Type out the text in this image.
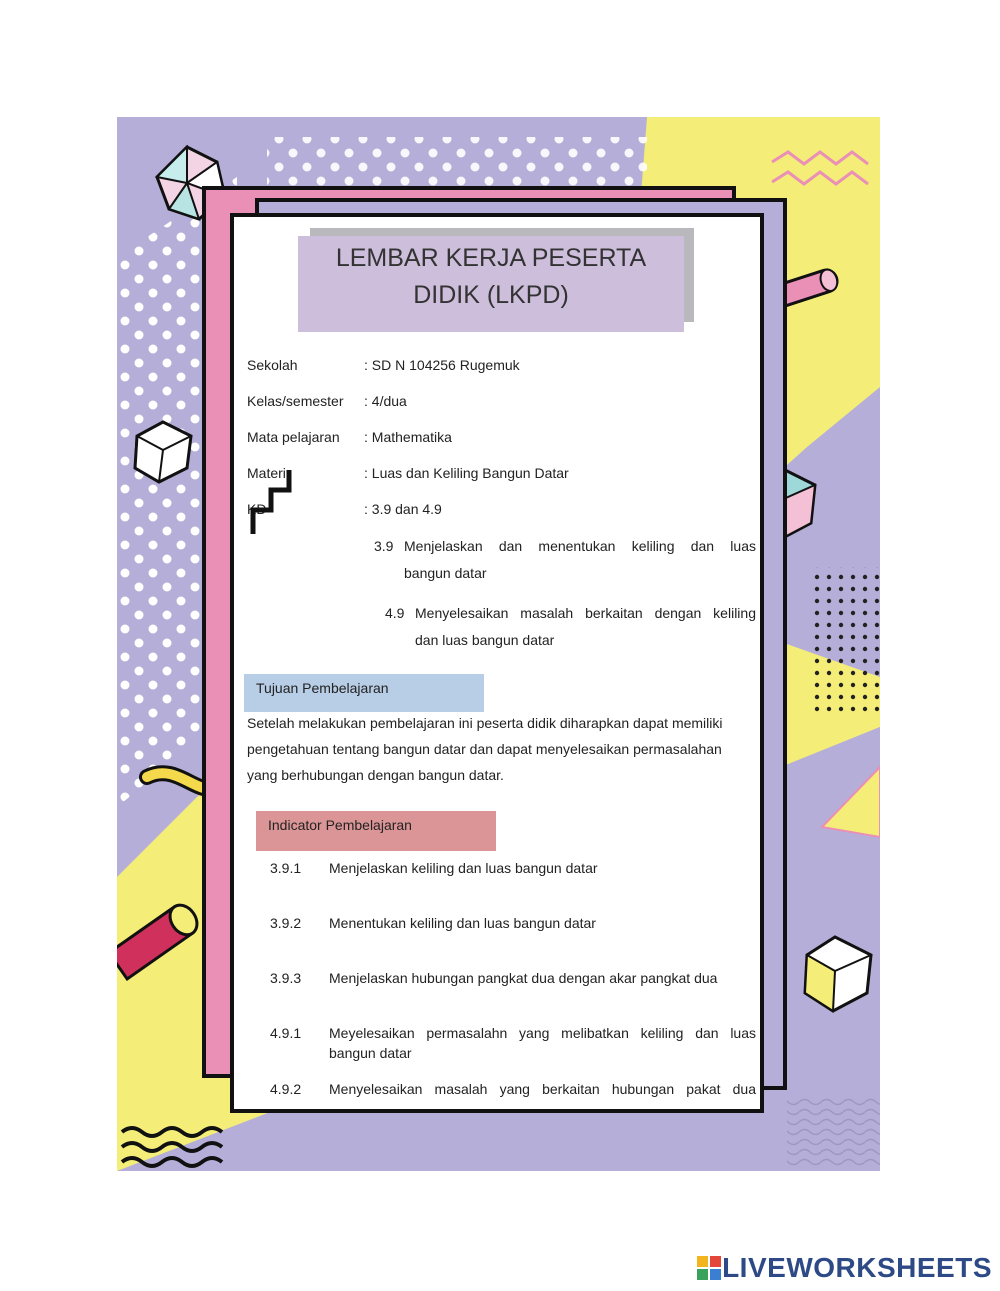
LEMBAR KERJA PESERTA
DIDIK (LKPD)
Sekolah	: SD N 104256 Rugemuk
Kelas/semester : 4/dua
Mata pelajaran : Mathematika
Materi	: Luas dan Keliling Bangun Datar
KD	: 3.9 dan 4.9
3.9 Menjelaskan dan menentukan keliling dan luas
bangun datar
4.9 Menyelesaikan masalah berkaitan dengan keliling
dan luas bangun datar
Tujuan Pembelajaran
Setelah melakukan pembelajaran ini peserta didik diharapkan dapat memiliki pengetahuan tentang bangun datar dan dapat menyelesaikan permasalahan yang berhubungan dengan bangun datar.
Indicator Pembelajaran
3.9.1 Menjelaskan keliling dan luas bangun datar
3.9.2 Menentukan keliling dan luas bangun datar
3.9.3 Menjelaskan hubungan pangkat dua dengan akar pangkat dua
4.9.1 Meyelesaikan permasalahn yang melibatkan keliling dan luas
bangun datar
4.9.2 Menyelesaikan masalah yang berkaitan hubungan pakat dua
LIVEWORKSHEETS
